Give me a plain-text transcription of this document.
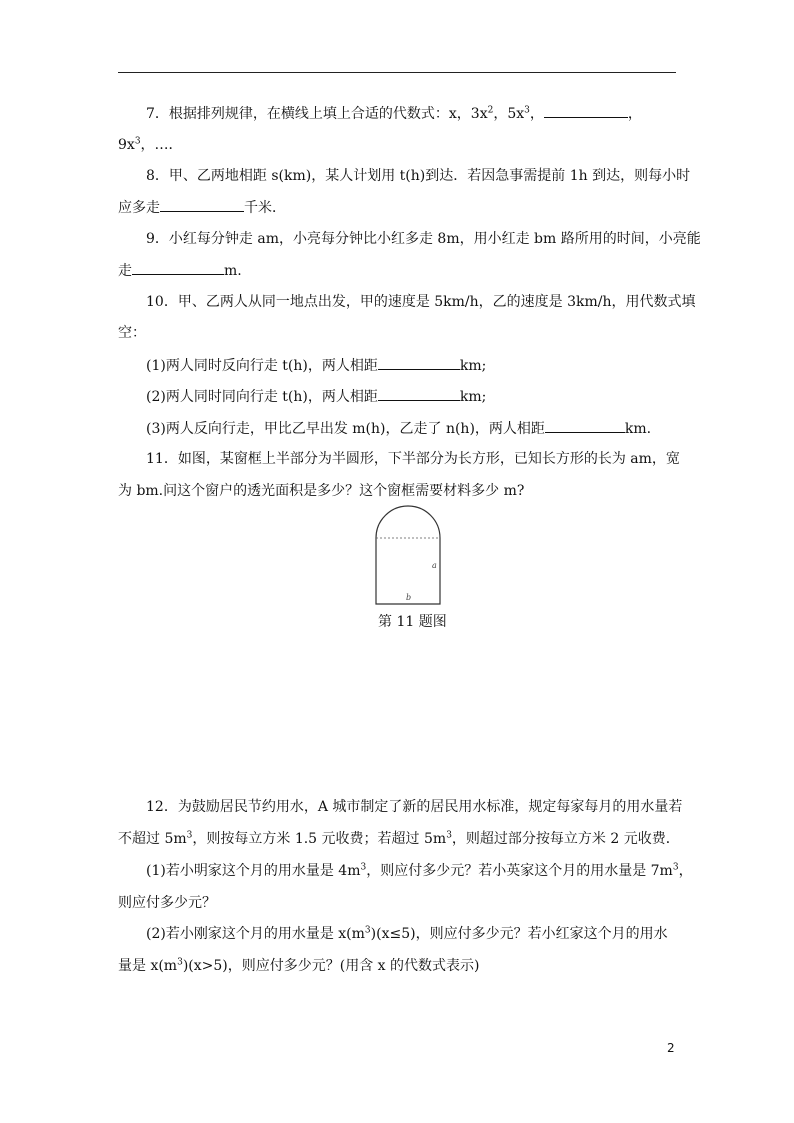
7．根据排列规律，在横线上填上合适的代数式：x，$3x^2$，$5x^3$，	，
$9x^3$，…．
8．甲、乙两地相距 s(km)，某人计划用 t(h)到达．若因急事需提前 1h 到达，则每小时
应多走	千米．
9．小红每分钟走 am，小亮每分钟比小红多走 8m，用小红走 bm 路所用的时间，小亮能
走	m.
10．甲、乙两人从同一地点出发，甲的速度是 5km/h，乙的速度是 3km/h，用代数式填
空：
(1)两人同时反向行走 t(h)，两人相距	km;
(2)两人同时同向行走 t(h)，两人相距	km;
(3)两人反向行走，甲比乙早出发 m(h)，乙走了 n(h)，两人相距	km.
11．如图，某窗框上半部分为半圆形，下半部分为长方形，已知长方形的长为 am，宽
为 bm.问这个窗户的透光面积是多少？这个窗框需要材料多少 m?
a
b
第 11 题图
12．为鼓励居民节约用水，A 城市制定了新的居民用水标准，规定每家每月的用水量若
不超过 $5m^3$，则按每立方米 1.5 元收费；若超过 $5m^3$，则超过部分按每立方米 2 元收费．
(1)若小明家这个月的用水量是 $4m^3$，则应付多少元？若小英家这个月的用水量是 $7m^3$，
则应付多少元？
(2)若小刚家这个月的用水量是 $x(m^3)(x\le 5)$，则应付多少元？若小红家这个月的用水
量是 $x(m^3)(x>5)$，则应付多少元？(用含 x 的代数式表示)
2
